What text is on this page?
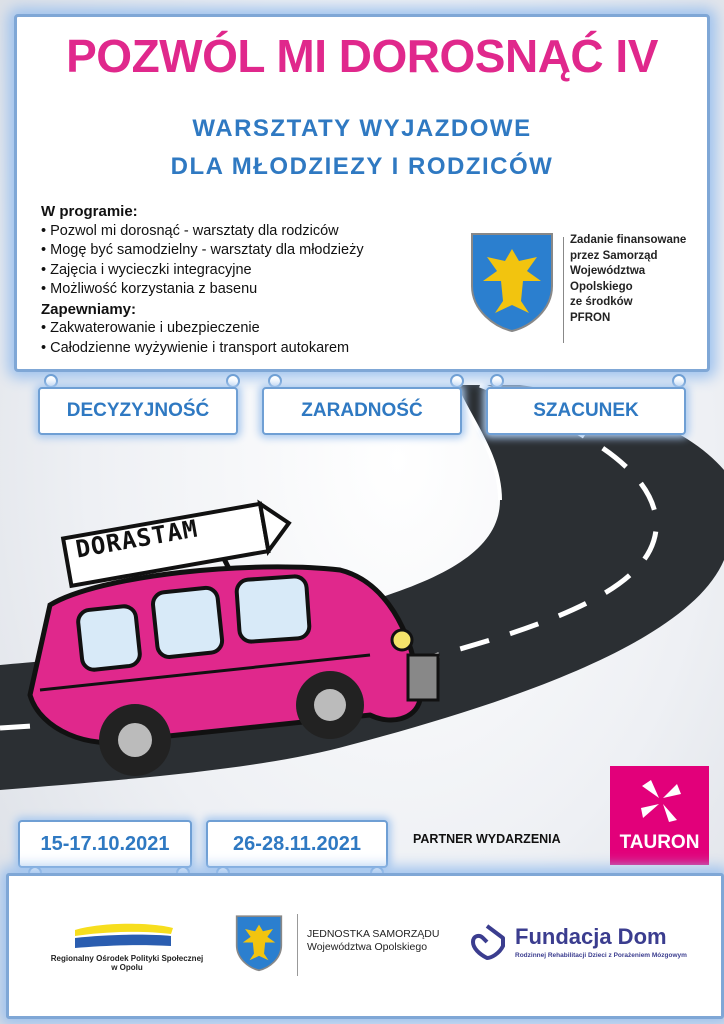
DORASTAM
POZWÓL MI DOROSNĄĆ IV
WARSZTATY WYJAZDOWE
DLA MŁODZIEZY I RODZICÓW
W programie:
• Pozwol mi dorosnąć - warsztaty dla rodziców
• Mogę być samodzielny - warsztaty dla młodzieży
• Zajęcia i wycieczki integracyjne
• Możliwość korzystania z basenu
Zapewniamy:
• Zakwaterowanie i ubezpieczenie
• Całodzienne wyżywienie i transport autokarem
Zadanie finansowane
przez Samorząd
Województwa
Opolskiego
ze środków
PFRON
DECYZYJNOŚĆ	ZARADNOŚĆ	SZACUNEK
15-17.10.2021	26-28.11.2021	PARTNER WYDARZENIA	TAURON
Regionalny Ośrodek Polityki Społecznej
w Opolu
JEDNOSTKA SAMORZĄDU
Województwa Opolskiego	Fundacja Dom
Rodzinnej Rehabilitacji Dzieci z Porażeniem Mózgowym
